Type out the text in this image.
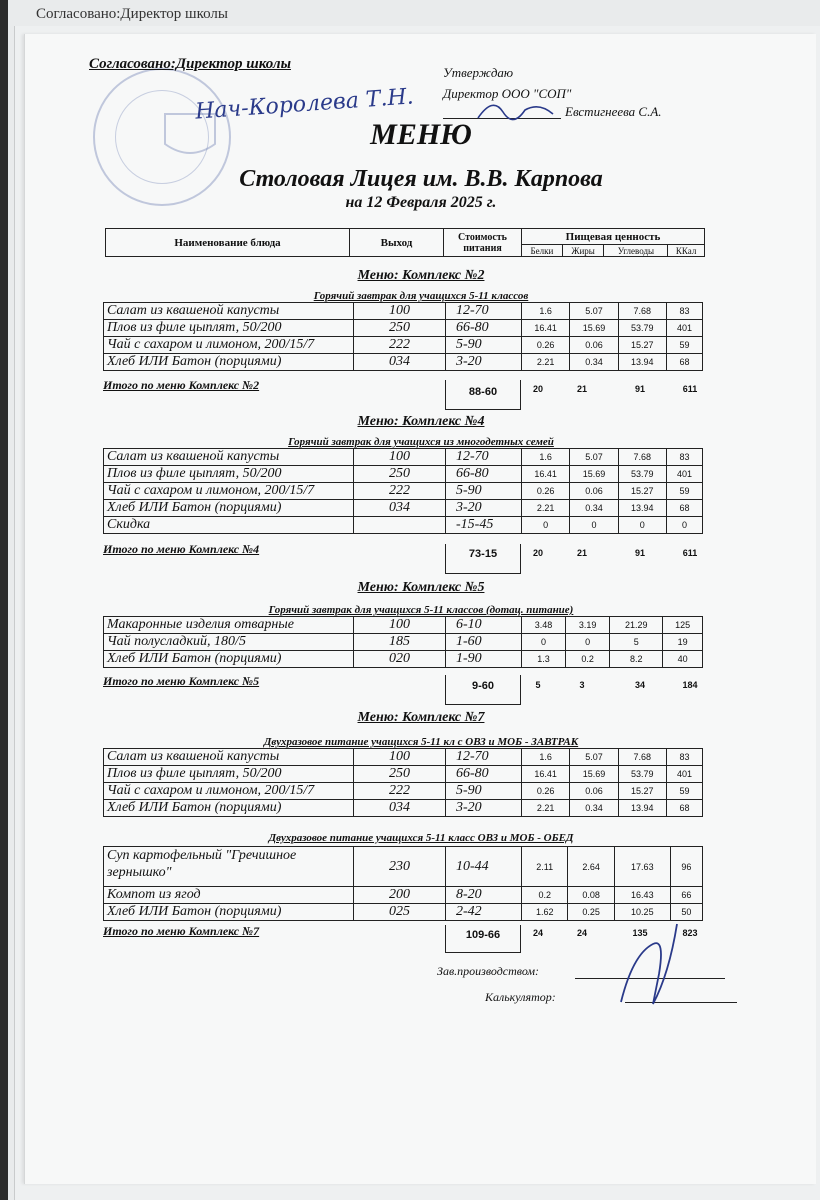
Согласовано:Директор школы
Согласовано:Директор школы
Нач-Королева Т.Н.
Утверждаю
Директор ООО "СОП"
Евстигнеева С.А.
МЕНЮ
Столовая Лицея им. В.В. Карпова
на 12 Февраля 2025 г.
Наименование блюда	Выход	Стоимость питания	Пищевая ценность			
			Белки	Жиры	Углеводы	ККал
Меню: Комплекс №2
Горячий завтрак для учащихся 5-11 классов
Салат из квашеной капусты	100	12-70	1.6	5.07	7.68	83
Плов из филе цыплят, 50/200	250	66-80	16.41	15.69	53.79	401
Чай с сахаром и лимоном, 200/15/7	222	5-90	0.26	0.06	15.27	59
Хлеб ИЛИ Батон (порциями)	034	3-20	2.21	0.34	13.94	68
Итого по меню Комплекс №2	88-60	20	21	91	611
Меню: Комплекс №4
Горячий завтрак для учащихся из многодетных семей
Салат из квашеной капусты	100	12-70	1.6	5.07	7.68	83
Плов из филе цыплят, 50/200	250	66-80	16.41	15.69	53.79	401
Чай с сахаром и лимоном, 200/15/7	222	5-90	0.26	0.06	15.27	59
Хлеб ИЛИ Батон (порциями)	034	3-20	2.21	0.34	13.94	68
Скидка		-15-45	0	0	0	0
Итого по меню Комплекс №4	73-15	20	21	91	611
Меню: Комплекс №5
Горячий завтрак для учащихся 5-11 классов (дотац. питание)
Макаронные изделия отварные	100	6-10	3.48	3.19	21.29	125
Чай полусладкий, 180/5	185	1-60	0	0	5	19
Хлеб ИЛИ Батон (порциями)	020	1-90	1.3	0.2	8.2	40
Итого по меню Комплекс №5	9-60	5	3	34	184
Меню: Комплекс №7
Двухразовое питание учащихся 5-11 кл с ОВЗ и МОБ - ЗАВТРАК
Салат из квашеной капусты	100	12-70	1.6	5.07	7.68	83
Плов из филе цыплят, 50/200	250	66-80	16.41	15.69	53.79	401
Чай с сахаром и лимоном, 200/15/7	222	5-90	0.26	0.06	15.27	59
Хлеб ИЛИ Батон (порциями)	034	3-20	2.21	0.34	13.94	68
Двухразовое питание учащихся 5-11 класс ОВЗ и МОБ - ОБЕД
Суп картофельный "Гречишное зернышко"	230	10-44	2.11	2.64	17.63	96
Компот из ягод	200	8-20	0.2	0.08	16.43	66
Хлеб ИЛИ Батон (порциями)	025	2-42	1.62	0.25	10.25	50
Итого по меню Комплекс №7	109-66	24	24	135	823
Зав.производством:
Калькулятор:
